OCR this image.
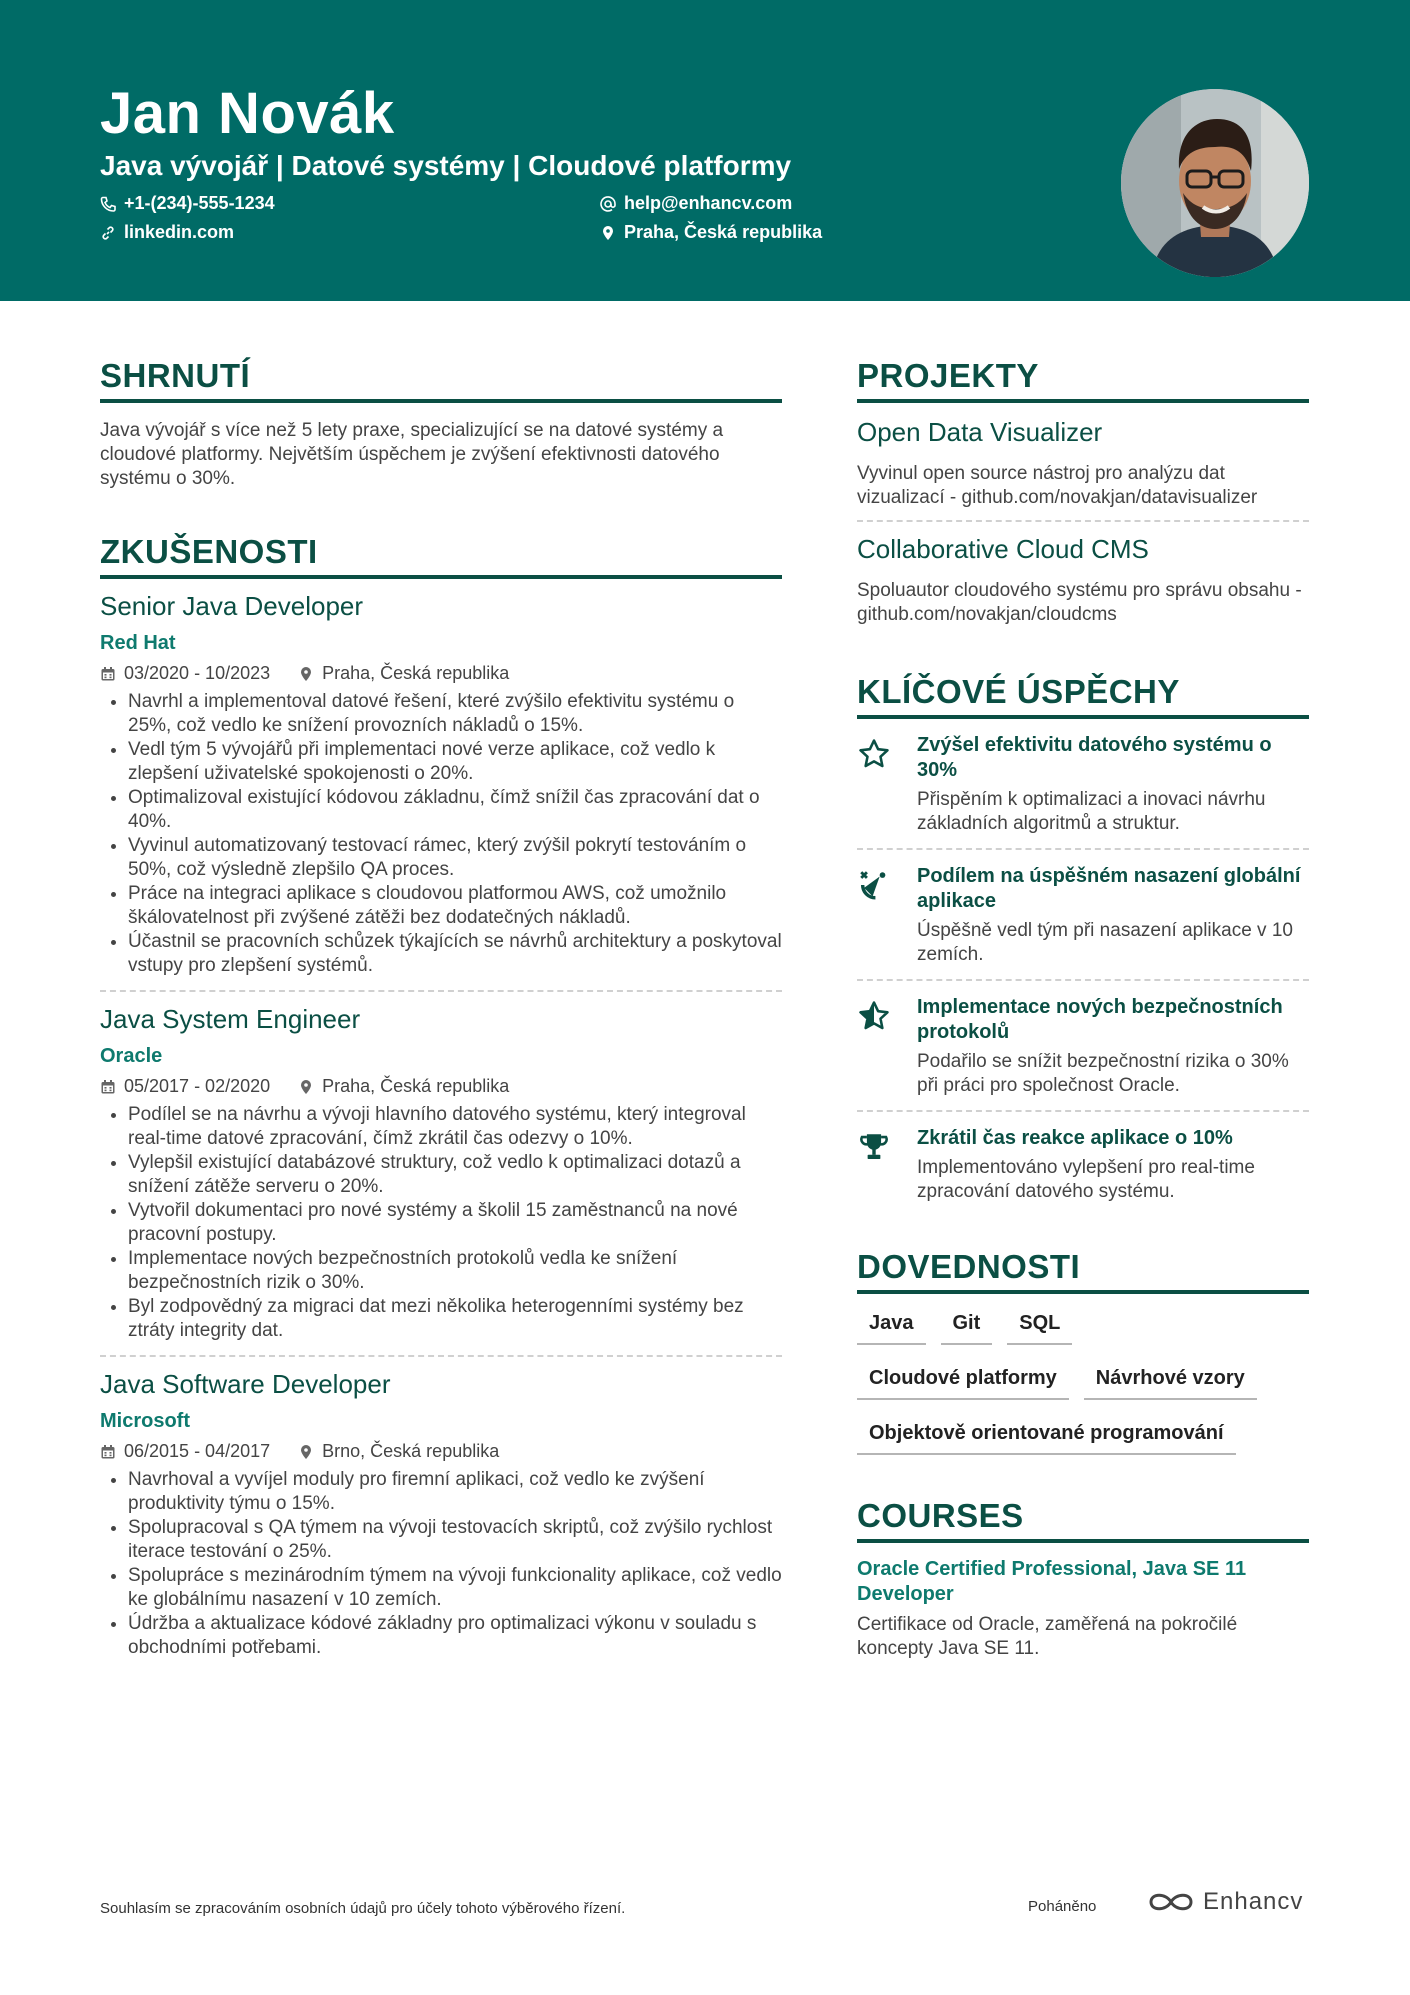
Jan Novák
Java vývojář | Datové systémy | Cloudové platformy
+1-(234)-555-1234	help@enhancv.com
linkedin.com	Praha, Česká republika
SHRNUTÍ
Java vývojář s více než 5 lety praxe, specializující se na datové systémy a cloudové platformy. Největším úspěchem je zvýšení efektivnosti datového systému o 30%.
ZKUŠENOSTI
Senior Java Developer
Red Hat
03/2020 - 10/2023	Praha, Česká republika
• Navrhl a implementoval datové řešení, které zvýšilo efektivitu systému o 25%, což vedlo ke snížení provozních nákladů o 15%.
• Vedl tým 5 vývojářů při implementaci nové verze aplikace, což vedlo k zlepšení uživatelské spokojenosti o 20%.
• Optimalizoval existující kódovou základnu, čímž snížil čas zpracování dat o 40%.
• Vyvinul automatizovaný testovací rámec, který zvýšil pokrytí testováním o 50%, což výsledně zlepšilo QA proces.
• Práce na integraci aplikace s cloudovou platformou AWS, což umožnilo škálovatelnost při zvýšené zátěži bez dodatečných nákladů.
• Účastnil se pracovních schůzek týkajících se návrhů architektury a poskytoval vstupy pro zlepšení systémů.
Java System Engineer
Oracle
05/2017 - 02/2020	Praha, Česká republika
• Podílel se na návrhu a vývoji hlavního datového systému, který integroval real-time datové zpracování, čímž zkrátil čas odezvy o 10%.
• Vylepšil existující databázové struktury, což vedlo k optimalizaci dotazů a snížení zátěže serveru o 20%.
• Vytvořil dokumentaci pro nové systémy a školil 15 zaměstnanců na nové pracovní postupy.
• Implementace nových bezpečnostních protokolů vedla ke snížení bezpečnostních rizik o 30%.
• Byl zodpovědný za migraci dat mezi několika heterogenními systémy bez ztráty integrity dat.
Java Software Developer
Microsoft
06/2015 - 04/2017	Brno, Česká republika
• Navrhoval a vyvíjel moduly pro firemní aplikaci, což vedlo ke zvýšení produktivity týmu o 15%.
• Spolupracoval s QA týmem na vývoji testovacích skriptů, což zvýšilo rychlost iterace testování o 25%.
• Spolupráce s mezinárodním týmem na vývoji funkcionality aplikace, což vedlo ke globálnímu nasazení v 10 zemích.
• Údržba a aktualizace kódové základny pro optimalizaci výkonu v souladu s obchodními potřebami.
PROJEKTY
Open Data Visualizer
Vyvinul open source nástroj pro analýzu dat vizualizací - github.com/novakjan/datavisualizer
Collaborative Cloud CMS
Spoluautor cloudového systému pro správu obsahu - github.com/novakjan/cloudcms
KLÍČOVÉ ÚSPĚCHY
Zvýšel efektivitu datového systému o 30%
Přispěním k optimalizaci a inovaci návrhu základních algoritmů a struktur.
Podílem na úspěšném nasazení globální aplikace
Úspěšně vedl tým při nasazení aplikace v 10 zemích.
Implementace nových bezpečnostních protokolů
Podařilo se snížit bezpečnostní rizika o 30% při práci pro společnost Oracle.
Zkrátil čas reakce aplikace o 10%
Implementováno vylepšení pro real-time zpracování datového systému.
DOVEDNOSTI
Java	Git	SQL
Cloudové platformy	Návrhové vzory
Objektově orientované programování
COURSES
Oracle Certified Professional, Java SE 11 Developer
Certifikace od Oracle, zaměřená na pokročilé koncepty Java SE 11.
Souhlasím se zpracováním osobních údajů pro účely tohoto výběrového řízení.	Poháněno	Enhancv
